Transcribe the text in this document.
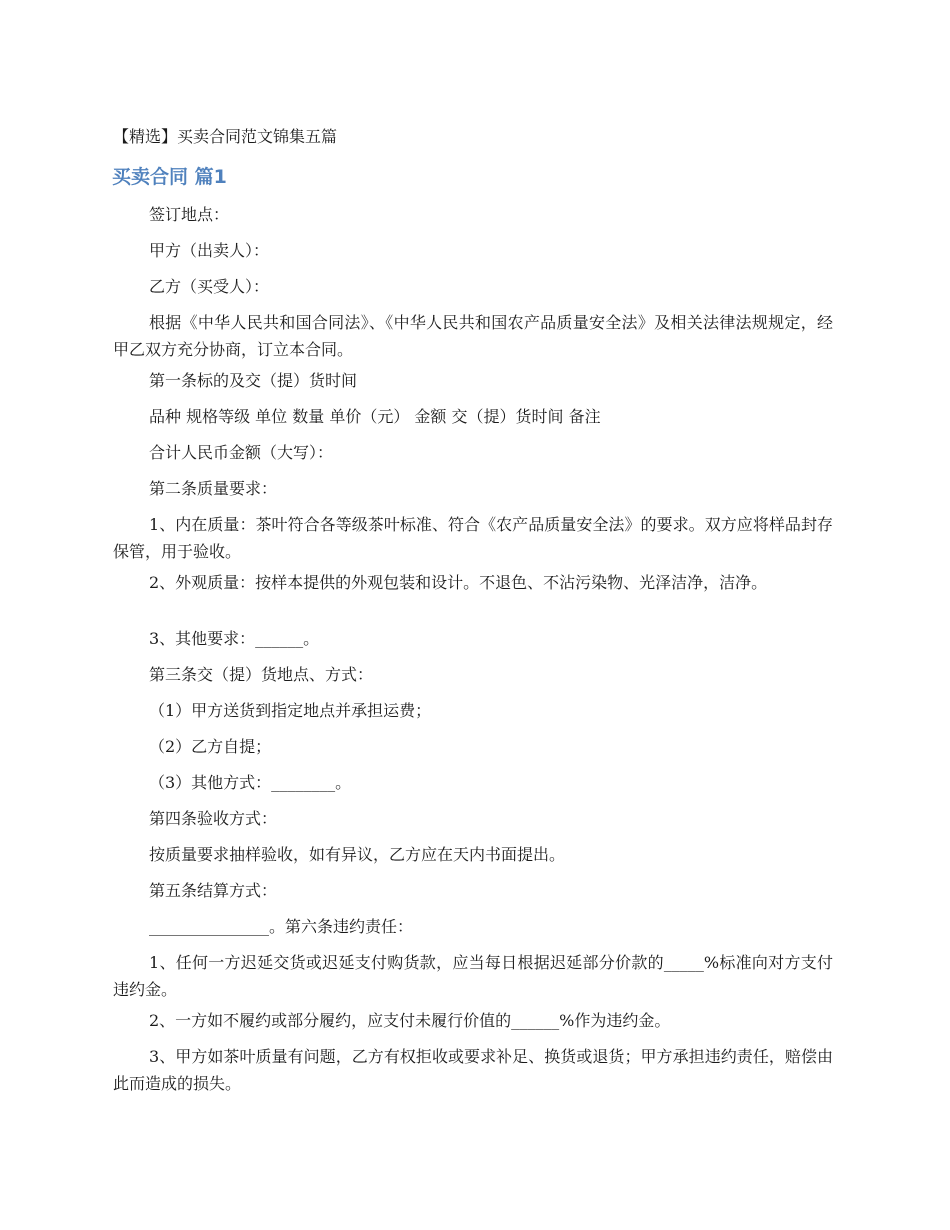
【精选】买卖合同范文锦集五篇
买卖合同 篇1

签订地点：

甲方（出卖人）：

乙方（买受人）：

根据《中华人民共和国合同法》、《中华人民共和国农产品质量安全法》及相关法律法规规定，经甲乙双方充分协商，订立本合同。

第一条标的及交（提）货时间

品种 规格等级 单位 数量 单价（元） 金额 交（提）货时间 备注

合计人民币金额（大写）：

第二条质量要求：

1、内在质量：茶叶符合各等级茶叶标准、符合《农产品质量安全法》的要求。双方应将样品封存保管，用于验收。

2、外观质量：按样本提供的外观包装和设计。不退色、不沾污染物、光泽洁净，洁净。

3、其他要求：______。

第三条交（提）货地点、方式：

（1）甲方送货到指定地点并承担运费；

（2）乙方自提；

（3）其他方式：________。

第四条验收方式：

按质量要求抽样验收，如有异议，乙方应在天内书面提出。

第五条结算方式：

_______________。第六条违约责任：

1、任何一方迟延交货或迟延支付购货款，应当每日根据迟延部分价款的_____%标准向对方支付违约金。

2、一方如不履约或部分履约，应支付未履行价值的______%作为违约金。

3、甲方如茶叶质量有问题，乙方有权拒收或要求补足、换货或退货；甲方承担违约责任，赔偿由此而造成的损失。
